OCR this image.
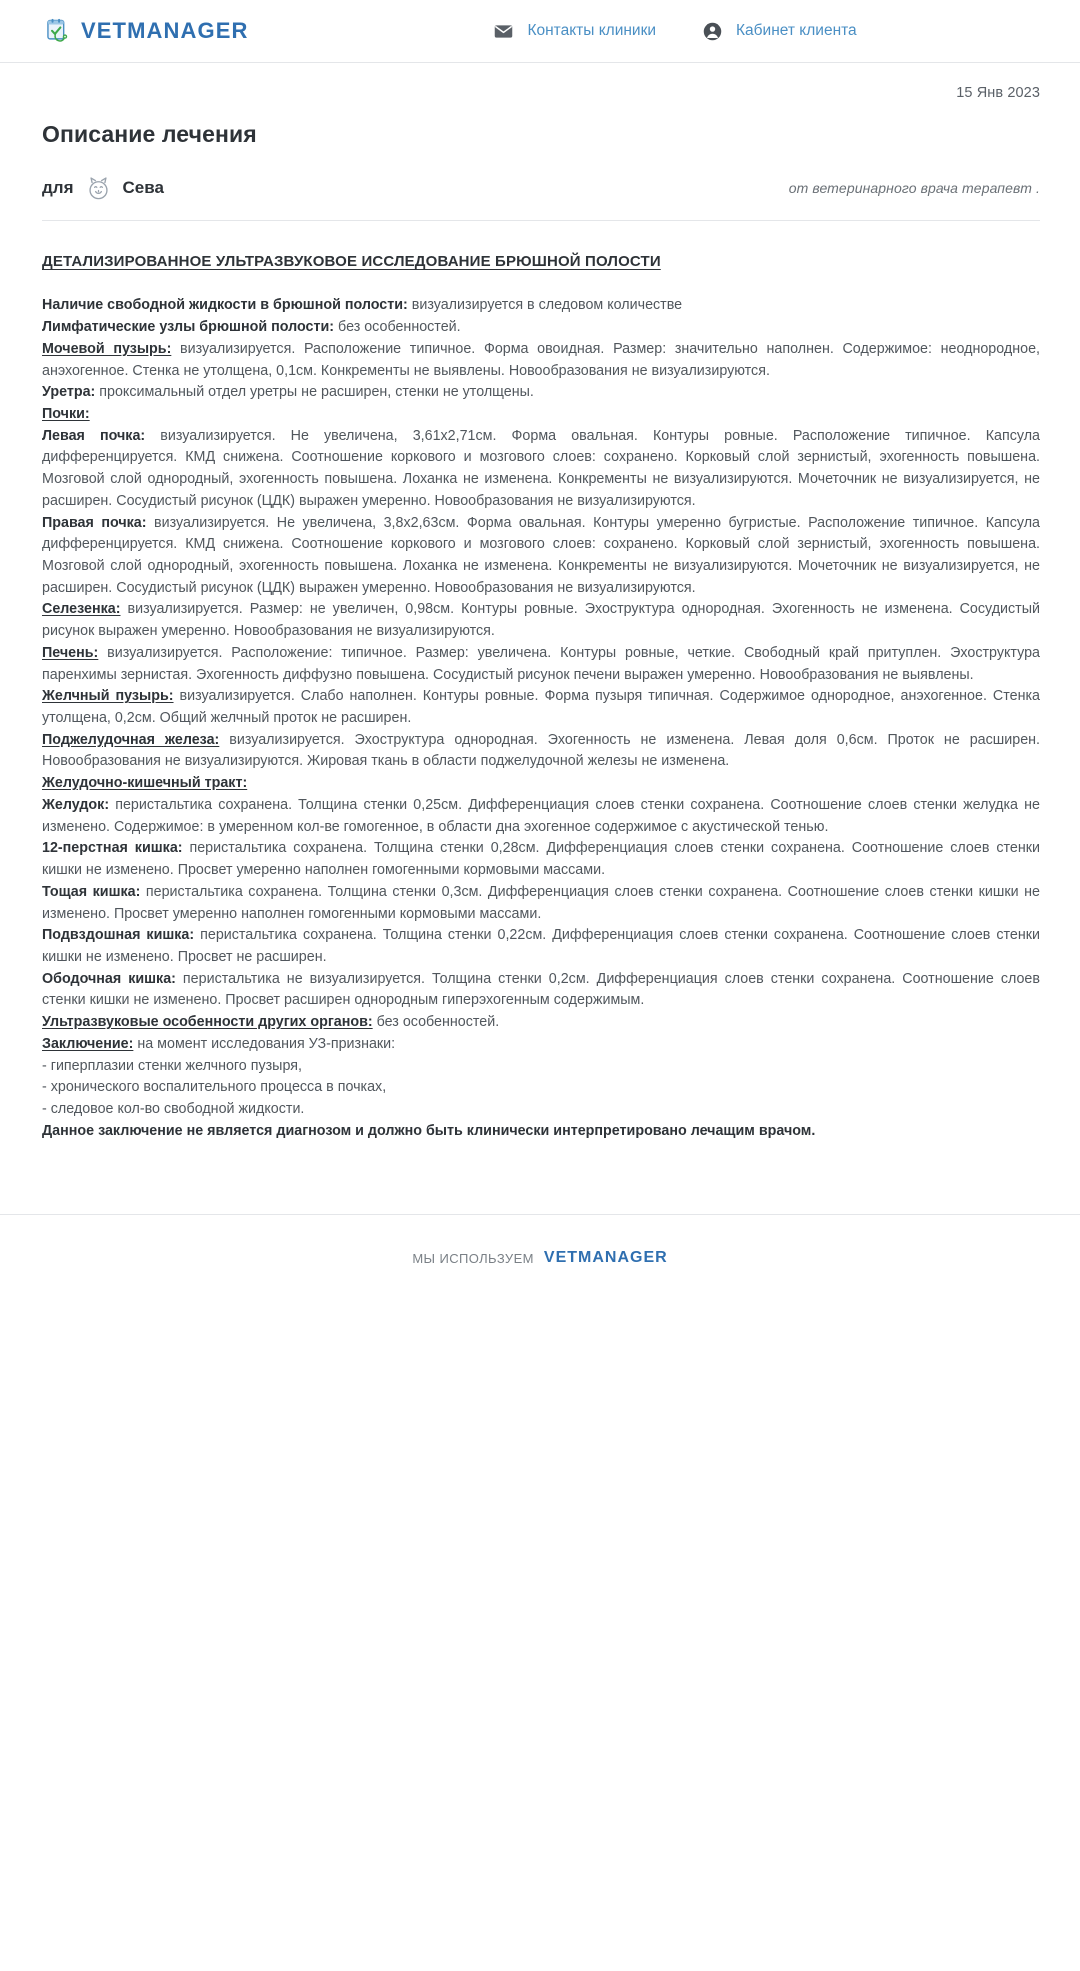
VETMANAGER	Контакты клиники	Кабинет клиента
15 Янв 2023
Описание лечения
для	Сева	от ветеринарного врача терапевт .
ДЕТАЛИЗИРОВАННОЕ УЛЬТРАЗВУКОВОЕ ИССЛЕДОВАНИЕ БРЮШНОЙ ПОЛОСТИ

Наличие свободной жидкости в брюшной полости: визуализируется в следовом количестве

Лимфатические узлы брюшной полости: без особенностей.

Мочевой пузырь: визуализируется. Расположение типичное. Форма овоидная. Размер: значительно наполнен. Содержимое: неоднородное, анэхогенное. Стенка не утолщена, 0,1см. Конкременты не выявлены. Новообразования не визуализируются.

Уретра: проксимальный отдел уретры не расширен, стенки не утолщены.

Почки:

Левая почка: визуализируется. Не увеличена, 3,61x2,71см. Форма овальная. Контуры ровные. Расположение типичное. Капсула дифференцируется. КМД снижена. Соотношение коркового и мозгового слоев: сохранено. Корковый слой зернистый, эхогенность повышена. Мозговой слой однородный, эхогенность повышена. Лоханка не изменена. Конкременты не визуализируются. Мочеточник не визуализируется, не расширен. Сосудистый рисунок (ЦДК) выражен умеренно. Новообразования не визуализируются.

Правая почка: визуализируется. Не увеличена, 3,8x2,63см. Форма овальная. Контуры умеренно бугристые. Расположение типичное. Капсула дифференцируется. КМД снижена. Соотношение коркового и мозгового слоев: сохранено. Корковый слой зернистый, эхогенность повышена. Мозговой слой однородный, эхогенность повышена. Лоханка не изменена. Конкременты не визуализируются. Мочеточник не визуализируется, не расширен. Сосудистый рисунок (ЦДК) выражен умеренно. Новообразования не визуализируются.

Селезенка: визуализируется. Размер: не увеличен, 0,98см. Контуры ровные. Эхоструктура однородная. Эхогенность не изменена. Сосудистый рисунок выражен умеренно. Новообразования не визуализируются.

Печень: визуализируется. Расположение: типичное. Размер: увеличена. Контуры ровные, четкие. Свободный край притуплен. Эхоструктура паренхимы зернистая. Эхогенность диффузно повышена. Сосудистый рисунок печени выражен умеренно. Новообразования не выявлены.

Желчный пузырь: визуализируется. Слабо наполнен. Контуры ровные. Форма пузыря типичная. Содержимое однородное, анэхогенное. Стенка утолщена, 0,2см. Общий желчный проток не расширен.

Поджелудочная железа: визуализируется. Эхоструктура однородная. Эхогенность не изменена. Левая доля 0,6см. Проток не расширен. Новообразования не визуализируются. Жировая ткань в области поджелудочной железы не изменена.

Желудочно-кишечный тракт:

Желудок: перистальтика сохранена. Толщина стенки 0,25см. Дифференциация слоев стенки сохранена. Соотношение слоев стенки желудка не изменено. Содержимое: в умеренном кол-ве гомогенное, в области дна эхогенное содержимое с акустической тенью.

12-перстная кишка: перистальтика сохранена. Толщина стенки 0,28см. Дифференциация слоев стенки сохранена. Соотношение слоев стенки кишки не изменено. Просвет умеренно наполнен гомогенными кормовыми массами.

Тощая кишка: перистальтика сохранена. Толщина стенки 0,3см. Дифференциация слоев стенки сохранена. Соотношение слоев стенки кишки не изменено. Просвет умеренно наполнен гомогенными кормовыми массами.

Подвздошная кишка: перистальтика сохранена. Толщина стенки 0,22см. Дифференциация слоев стенки сохранена. Соотношение слоев стенки кишки не изменено. Просвет не расширен.

Ободочная кишка: перистальтика не визуализируется. Толщина стенки 0,2см. Дифференциация слоев стенки сохранена. Соотношение слоев стенки кишки не изменено. Просвет расширен однородным гиперэхогенным содержимым.

Ультразвуковые особенности других органов: без особенностей.

Заключение: на момент исследования УЗ-признаки:

- гиперплазии стенки желчного пузыря,

- хронического воспалительного процесса в почках,

- следовое кол-во свободной жидкости.

Данное заключение не является диагнозом и должно быть клинически интерпретировано лечащим врачом.

МЫ ИСПОЛЬЗУЕМ VETMANAGER
